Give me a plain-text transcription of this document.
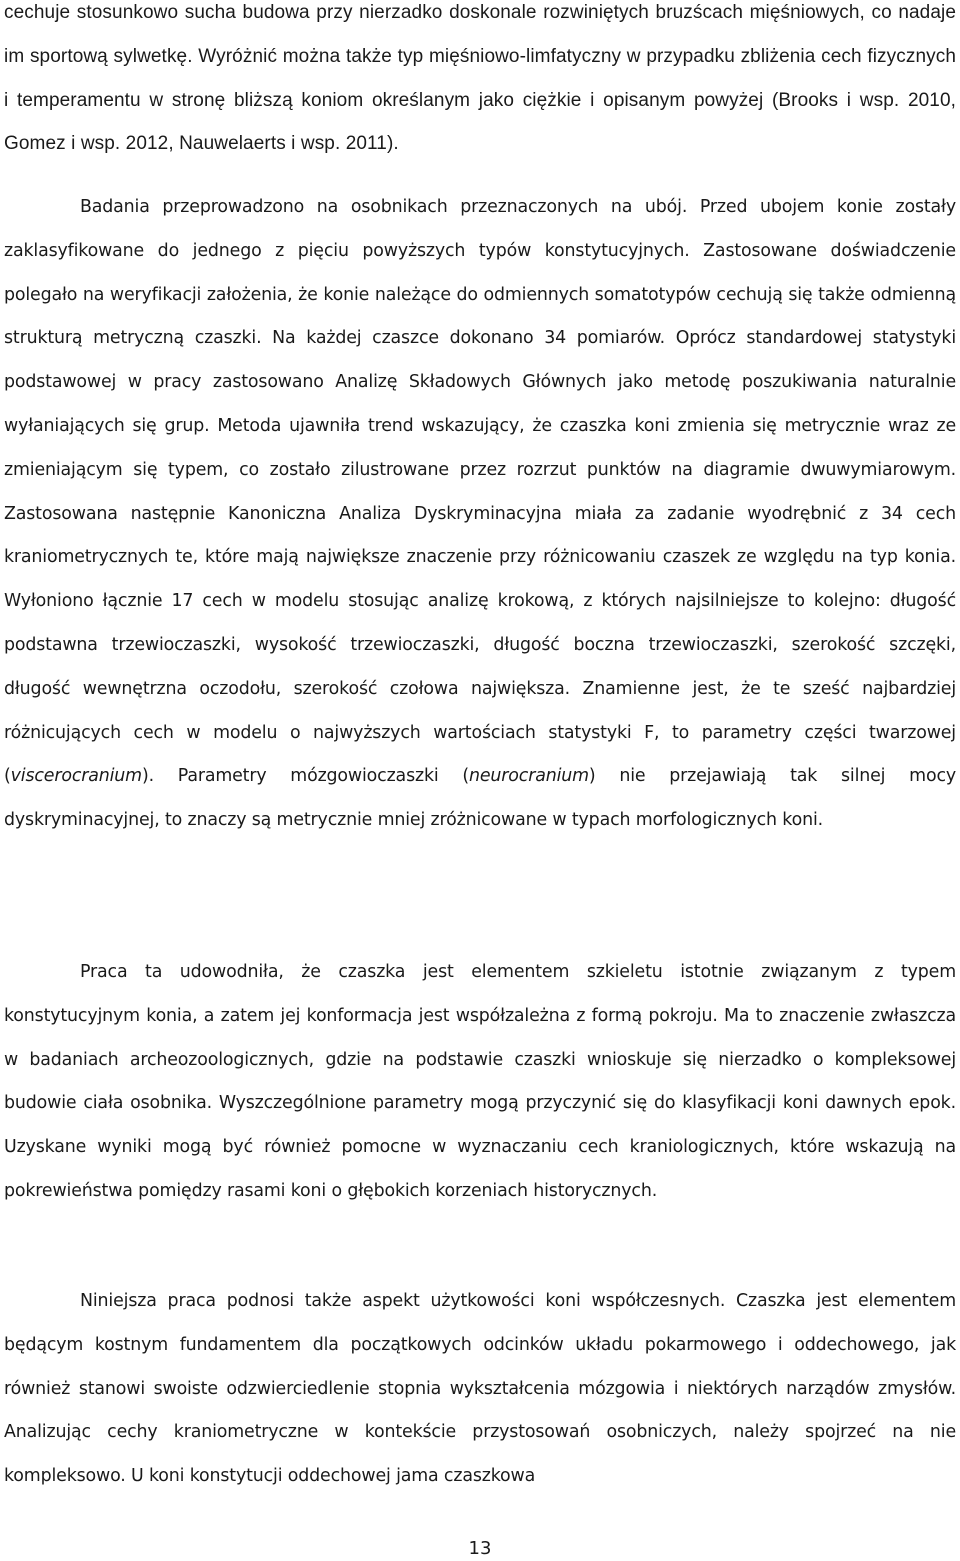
cechuje stosunkowo sucha budowa przy nierzadko doskonale rozwiniętych bruzścach mięśniowych, co nadaje im sportową sylwetkę. Wyróżnić można także typ mięśniowo-limfatyczny w przypadku zbliżenia cech fizycznych i temperamentu w stronę bliższą koniom określanym jako ciężkie i opisanym powyżej (Brooks i wsp. 2010, Gomez i wsp. 2012, Nauwelaerts i wsp. 2011).

Badania przeprowadzono na osobnikach przeznaczonych na ubój. Przed ubojem konie zostały zaklasyfikowane do jednego z pięciu powyższych typów konstytucyjnych. Zastosowane doświadczenie polegało na weryfikacji założenia, że konie należące do odmiennych somatotypów cechują się także odmienną strukturą metryczną czaszki. Na każdej czaszce dokonano 34 pomiarów. Oprócz standardowej statystyki podstawowej w pracy zastosowano Analizę Składowych Głównych jako metodę poszukiwania naturalnie wyłaniających się grup. Metoda ujawniła trend wskazujący, że czaszka koni zmienia się metrycznie wraz ze zmieniającym się typem, co zostało zilustrowane przez rozrzut punktów na diagramie dwuwymiarowym. Zastosowana następnie Kanoniczna Analiza Dyskryminacyjna miała za zadanie wyodrębnić z 34 cech kraniometrycznych te, które mają największe znaczenie przy różnicowaniu czaszek ze względu na typ konia. Wyłoniono łącznie 17 cech w modelu stosując analizę krokową, z których najsilniejsze to kolejno: długość podstawna trzewioczaszki, wysokość trzewioczaszki, długość boczna trzewioczaszki, szerokość szczęki, długość wewnętrzna oczodołu, szerokość czołowa największa. Znamienne jest, że te sześć najbardziej różnicujących cech w modelu o najwyższych wartościach statystyki F, to parametry części twarzowej (viscerocranium). Parametry mózgowioczaszki (neurocranium) nie przejawiają tak silnej mocy dyskryminacyjnej, to znaczy są metrycznie mniej zróżnicowane w typach morfologicznych koni.

Praca ta udowodniła, że czaszka jest elementem szkieletu istotnie związanym z typem konstytucyjnym konia, a zatem jej konformacja jest współzależna z formą pokroju. Ma to znaczenie zwłaszcza w badaniach archeozoologicznych, gdzie na podstawie czaszki wnioskuje się nierzadko o kompleksowej budowie ciała osobnika. Wyszczególnione parametry mogą przyczynić się do klasyfikacji koni dawnych epok. Uzyskane wyniki mogą być również pomocne w wyznaczaniu cech kraniologicznych, które wskazują na pokrewieństwa pomiędzy rasami koni o głębokich korzeniach historycznych.

Niniejsza praca podnosi także aspekt użytkowości koni współczesnych. Czaszka jest elementem będącym kostnym fundamentem dla początkowych odcinków układu pokarmowego i oddechowego, jak również stanowi swoiste odzwierciedlenie stopnia wykształcenia mózgowia i niektórych narządów zmysłów. Analizując cechy kraniometryczne w kontekście przystosowań osobniczych, należy spojrzeć na nie kompleksowo. U koni konstytucji oddechowej jama czaszkowa

13
